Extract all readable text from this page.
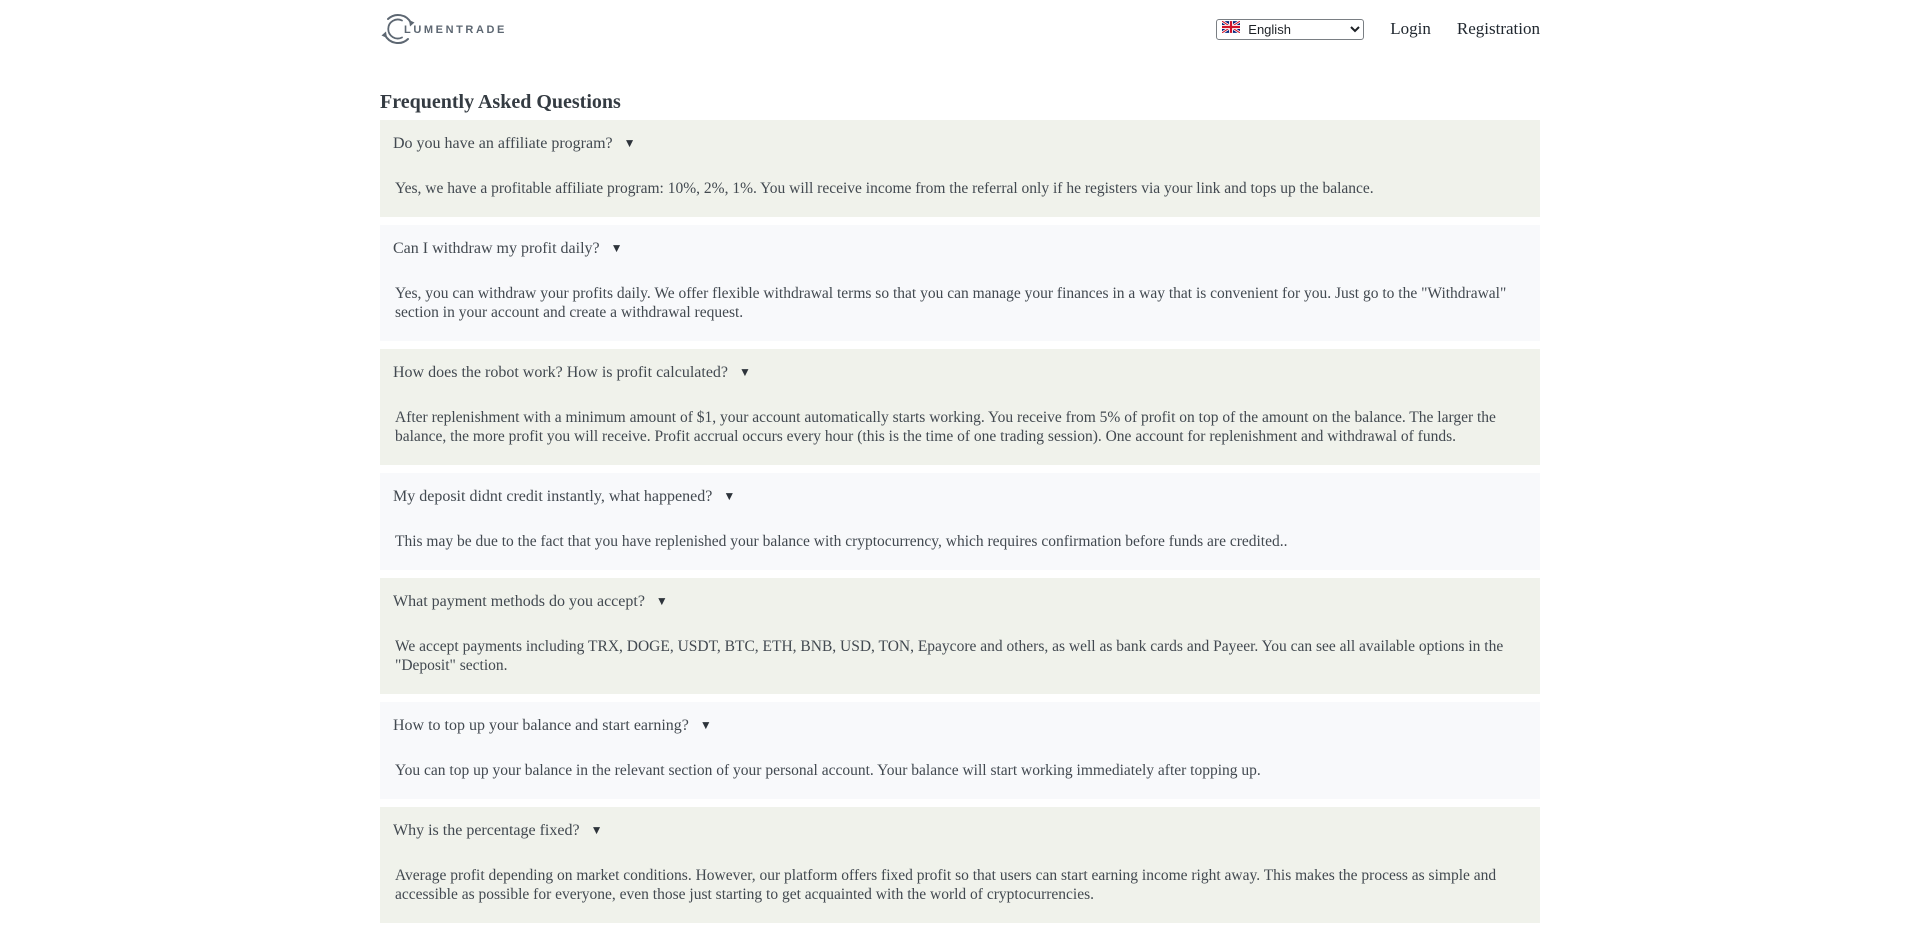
LUMENTRADE
English	Login Registration
Frequently Asked Questions
Do you have an affiliate program? ▼
Yes, we have a profitable affiliate program: 10%, 2%, 1%. You will receive income from the referral only if he registers via your link and tops up the balance.
Can I withdraw my profit daily? ▼
Yes, you can withdraw your profits daily. We offer flexible withdrawal terms so that you can manage your finances in a way that is convenient for you. Just go to the "Withdrawal" section in your account and create a withdrawal request.
How does the robot work? How is profit calculated? ▼
After replenishment with a minimum amount of $1, your account automatically starts working. You receive from 5% of profit on top of the amount on the balance. The larger the balance, the more profit you will receive. Profit accrual occurs every hour (this is the time of one trading session). One account for replenishment and withdrawal of funds.
My deposit didnt credit instantly, what happened? ▼
This may be due to the fact that you have replenished your balance with cryptocurrency, which requires confirmation before funds are credited..
What payment methods do you accept? ▼
We accept payments including TRX, DOGE, USDT, BTC, ETH, BNB, USD, TON, Epaycore and others, as well as bank cards and Payeer. You can see all available options in the "Deposit" section.
How to top up your balance and start earning? ▼
You can top up your balance in the relevant section of your personal account. Your balance will start working immediately after topping up.
Why is the percentage fixed? ▼
Average profit depending on market conditions. However, our platform offers fixed profit so that users can start earning income right away. This makes the process as simple and accessible as possible for everyone, even those just starting to get acquainted with the world of cryptocurrencies.
